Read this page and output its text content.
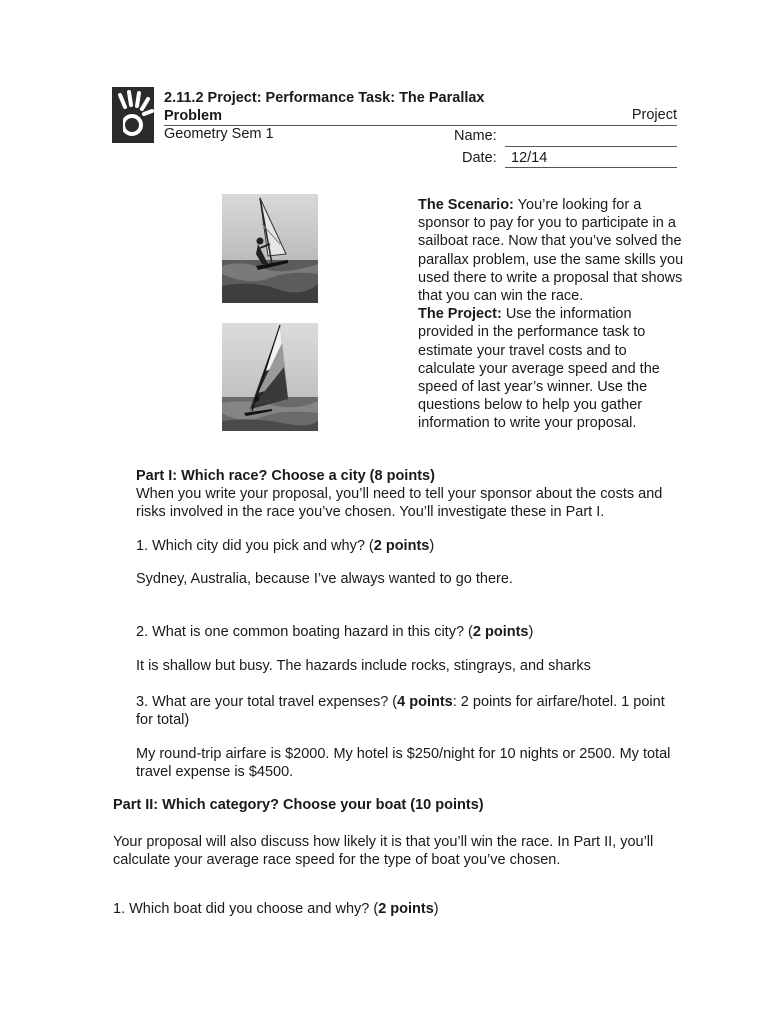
2.11.2 Project: Performance Task: The Parallax Problem	Project
Geometry Sem 1	Name:
Date: 12/14

The Scenario: You’re looking for a sponsor to pay for you to participate in a sailboat race. Now that you’ve solved the parallax problem, use the same skills you used there to write a proposal that shows that you can win the race.

The Project: Use the information provided in the performance task to estimate your travel costs and to calculate your average speed and the speed of last year’s winner. Use the questions below to help you gather information to write your proposal.

Part I: Which race? Choose a city (8 points)
When you write your proposal, you’ll need to tell your sponsor about the costs and risks involved in the race you’ve chosen. You’ll investigate these in Part I.
1. Which city did you pick and why? (2 points)
Sydney, Australia, because I’ve always wanted to go there.
2. What is one common boating hazard in this city? (2 points)
It is shallow but busy. The hazards include rocks, stingrays, and sharks
3. What are your total travel expenses? (4 points: 2 points for airfare/hotel. 1 point for total)
My round-trip airfare is $2000. My hotel is $250/night for 10 nights or 2500. My total travel expense is $4500.
Part II: Which category? Choose your boat (10 points)
Your proposal will also discuss how likely it is that you’ll win the race. In Part II, you’ll calculate your average race speed for the type of boat you’ve chosen.
1. Which boat did you choose and why? (2 points)
